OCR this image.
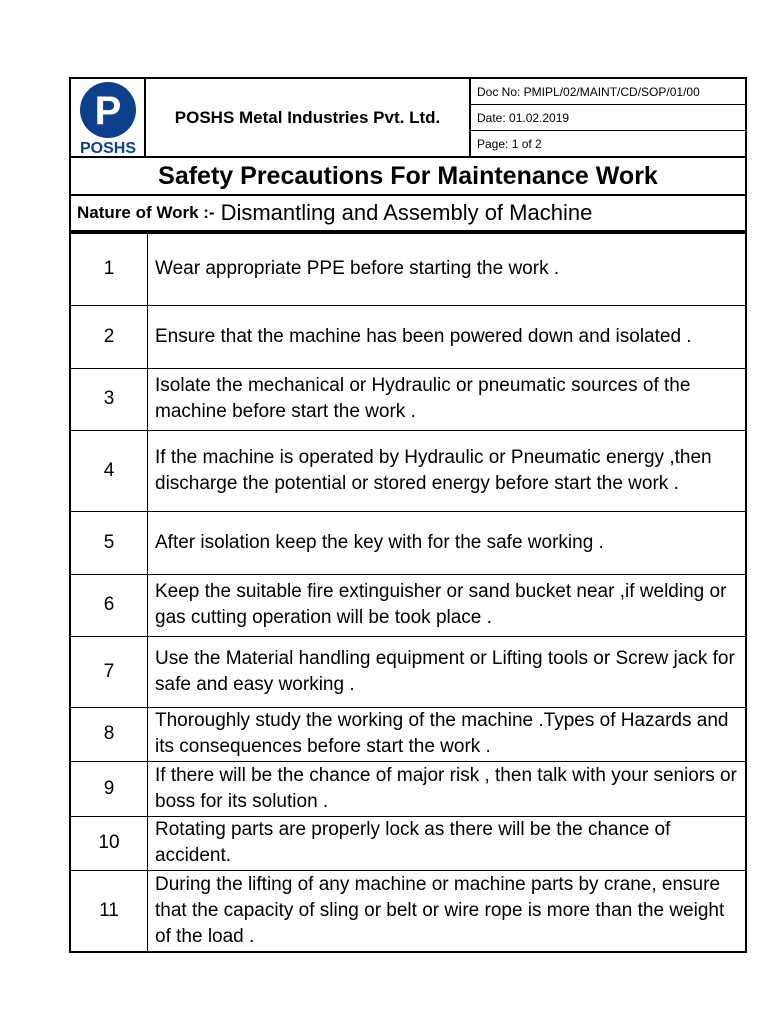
P
POSHS
POSHS Metal Industries Pvt. Ltd.
Doc No: PMIPL/02/MAINT/CD/SOP/01/00
Date: 01.02.2019
Page: 1 of 2
Safety Precautions For Maintenance Work
Nature of Work :- Dismantling and Assembly of Machine
1	Wear appropriate PPE before starting the work .
2	Ensure that the machine has been powered down and isolated .
3	Isolate the mechanical or Hydraulic or pneumatic sources of the machine before start the work .
4	If the machine is operated by Hydraulic or Pneumatic energy ,then discharge the potential or stored energy before start the work .
5	After isolation keep the key with for the safe working .
6	Keep the suitable fire extinguisher or sand bucket near ,if welding or gas cutting operation will be took place .
7	Use the Material handling equipment or Lifting tools or Screw jack for safe and easy working .
8	Thoroughly study the working of the machine .Types of Hazards and its consequences before start the work .
9	If there will be the chance of major risk , then talk with your seniors or boss for its solution .
10	Rotating parts are properly lock as there will be the chance of accident.
11	During the lifting of any machine or machine parts by crane, ensure that the capacity of sling or belt or wire rope is more than the weight of the load .
